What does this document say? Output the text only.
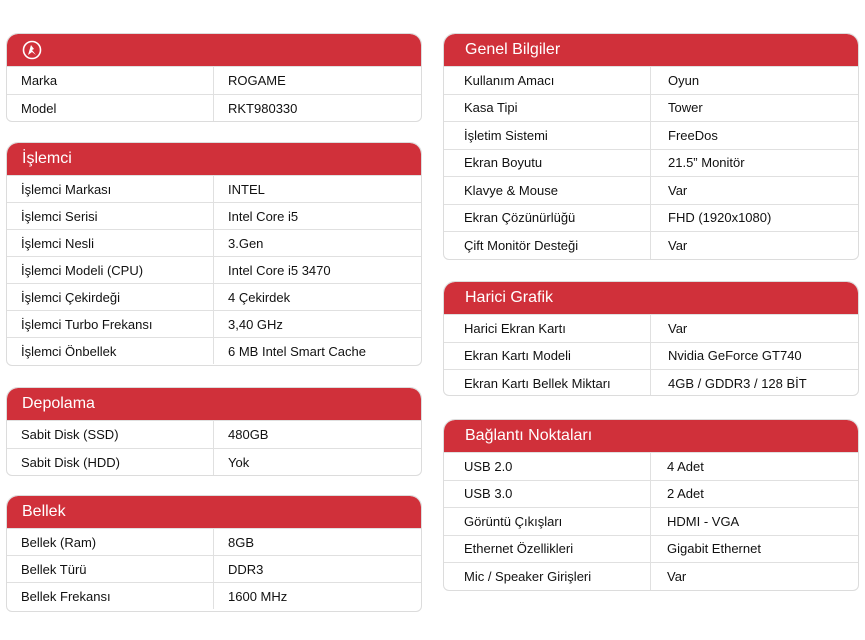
Marka	ROGAME
Model	RKT980330
İşlemci
İşlemci Markası	INTEL
İşlemci Serisi	Intel Core i5
İşlemci Nesli	3.Gen
İşlemci Modeli (CPU)	Intel Core i5 3470
İşlemci Çekirdeği	4 Çekirdek
İşlemci Turbo Frekansı	3,40 GHz
İşlemci Önbellek	6 MB Intel Smart Cache
Depolama
Sabit Disk (SSD)	480GB
Sabit Disk (HDD)	Yok
Bellek
Bellek (Ram)	8GB
Bellek Türü	DDR3
Bellek Frekansı	1600 MHz
Genel Bilgiler
Kullanım Amacı	Oyun
Kasa Tipi	Tower
İşletim Sistemi	FreeDos
Ekran Boyutu	21.5” Monitör
Klavye & Mouse	Var
Ekran Çözünürlüğü	FHD (1920x1080)
Çift Monitör Desteği	Var
Harici Grafik
Harici Ekran Kartı	Var
Ekran Kartı Modeli	Nvidia GeForce GT740
Ekran Kartı Bellek Miktarı	4GB / GDDR3 / 128 BİT
Bağlantı Noktaları
USB 2.0	4 Adet
USB 3.0	2 Adet
Görüntü Çıkışları	HDMI - VGA
Ethernet Özellikleri	Gigabit Ethernet
Mic / Speaker Girişleri	Var
